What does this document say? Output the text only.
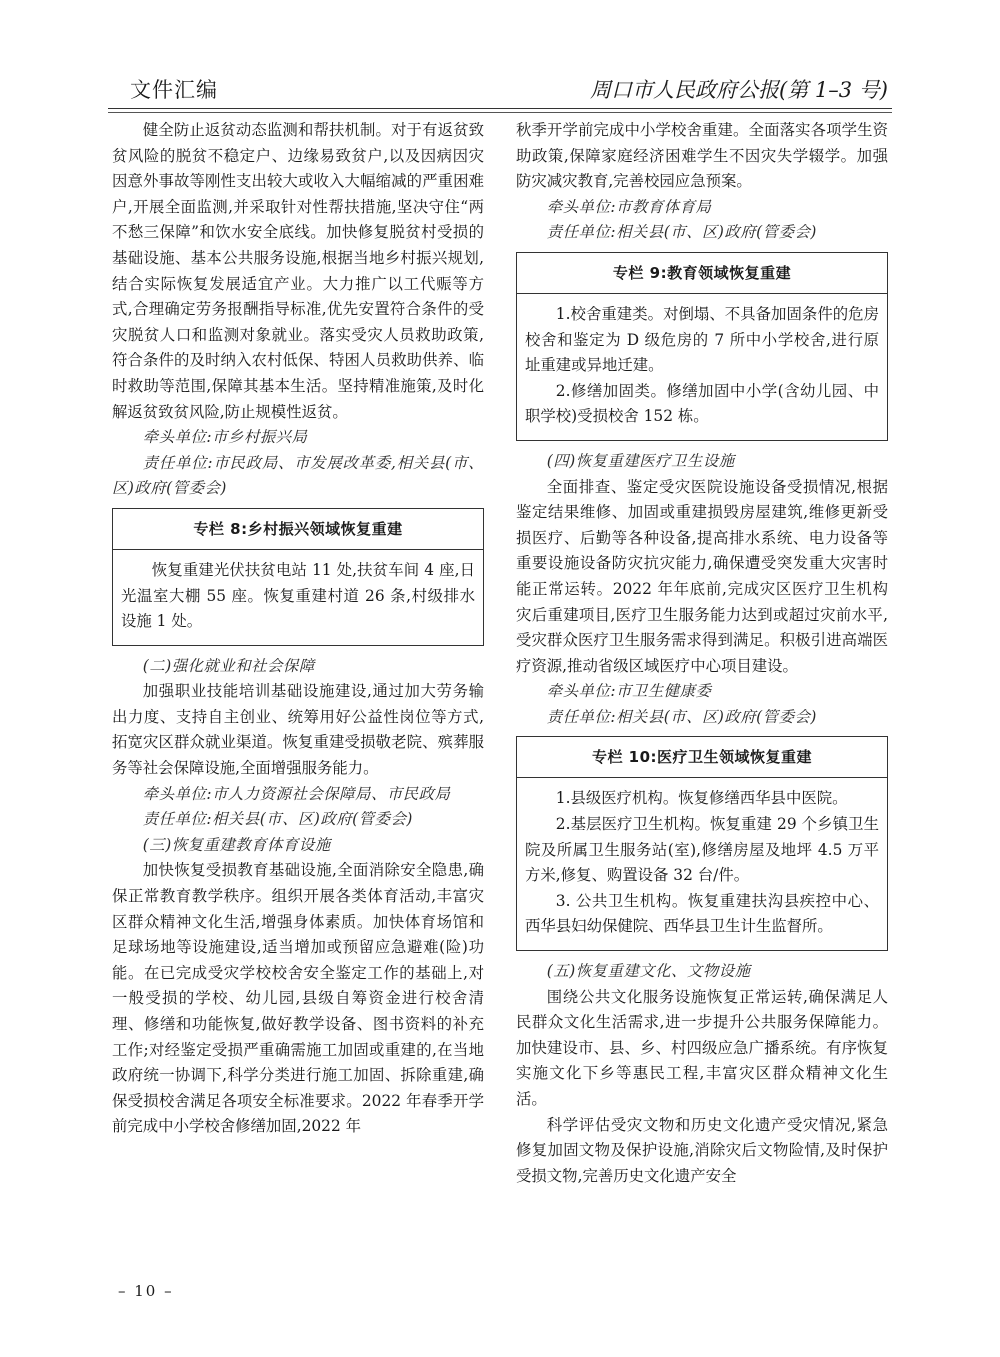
文件汇编	周口市人民政府公报(第 1–3 号)

健全防止返贫动态监测和帮扶机制。对于有返贫致贫风险的脱贫不稳定户、边缘易致贫户,以及因病因灾因意外事故等刚性支出较大或收入大幅缩减的严重困难户,开展全面监测,并采取针对性帮扶措施,坚决守住“两不愁三保障”和饮水安全底线。加快修复脱贫村受损的基础设施、基本公共服务设施,根据当地乡村振兴规划,结合实际恢复发展适宜产业。大力推广以工代赈等方式,合理确定劳务报酬指导标准,优先安置符合条件的受灾脱贫人口和监测对象就业。落实受灾人员救助政策,符合条件的及时纳入农村低保、特困人员救助供养、临时救助等范围,保障其基本生活。坚持精准施策,及时化解返贫致贫风险,防止规模性返贫。

牵头单位:市乡村振兴局

责任单位:市民政局、市发展改革委,相关县(市、区)政府(管委会)

专栏 8:乡村振兴领域恢复重建

恢复重建光伏扶贫电站 11 处,扶贫车间 4 座,日光温室大棚 55 座。恢复重建村道 26 条,村级排水设施 1 处。

(二)强化就业和社会保障

加强职业技能培训基础设施建设,通过加大劳务输出力度、支持自主创业、统筹用好公益性岗位等方式,拓宽灾区群众就业渠道。恢复重建受损敬老院、殡葬服务等社会保障设施,全面增强服务能力。

牵头单位:市人力资源社会保障局、市民政局

责任单位:相关县(市、区)政府(管委会)

(三)恢复重建教育体育设施

加快恢复受损教育基础设施,全面消除安全隐患,确保正常教育教学秩序。组织开展各类体育活动,丰富灾区群众精神文化生活,增强身体素质。加快体育场馆和足球场地等设施建设,适当增加或预留应急避难(险)功能。在已完成受灾学校校舍安全鉴定工作的基础上,对一般受损的学校、幼儿园,县级自筹资金进行校舍清理、修缮和功能恢复,做好教学设备、图书资料的补充工作;对经鉴定受损严重确需施工加固或重建的,在当地政府统一协调下,科学分类进行施工加固、拆除重建,确保受损校舍满足各项安全标准要求。2022 年春季开学前完成中小学校舍修缮加固,2022 年

秋季开学前完成中小学校舍重建。全面落实各项学生资助政策,保障家庭经济困难学生不因灾失学辍学。加强防灾减灾教育,完善校园应急预案。

牵头单位:市教育体育局

责任单位:相关县(市、区)政府(管委会)

专栏 9:教育领域恢复重建

1.校舍重建类。对倒塌、不具备加固条件的危房校舍和鉴定为 D 级危房的 7 所中小学校舍,进行原址重建或异地迁建。

2.修缮加固类。修缮加固中小学(含幼儿园、中职学校)受损校舍 152 栋。

(四)恢复重建医疗卫生设施

全面排查、鉴定受灾医院设施设备受损情况,根据鉴定结果维修、加固或重建损毁房屋建筑,维修更新受损医疗、后勤等各种设备,提高排水系统、电力设备等重要设施设备防灾抗灾能力,确保遭受突发重大灾害时能正常运转。2022 年年底前,完成灾区医疗卫生机构灾后重建项目,医疗卫生服务能力达到或超过灾前水平,受灾群众医疗卫生服务需求得到满足。积极引进高端医疗资源,推动省级区域医疗中心项目建设。

牵头单位:市卫生健康委

责任单位:相关县(市、区)政府(管委会)

专栏 10:医疗卫生领域恢复重建

1.县级医疗机构。恢复修缮西华县中医院。

2.基层医疗卫生机构。恢复重建 29 个乡镇卫生院及所属卫生服务站(室),修缮房屋及地坪 4.5 万平方米,修复、购置设备 32 台/件。

3. 公共卫生机构。恢复重建扶沟县疾控中心、西华县妇幼保健院、西华县卫生计生监督所。

(五)恢复重建文化、文物设施

围绕公共文化服务设施恢复正常运转,确保满足人民群众文化生活需求,进一步提升公共服务保障能力。加快建设市、县、乡、村四级应急广播系统。有序恢复实施文化下乡等惠民工程,丰富灾区群众精神文化生活。

科学评估受灾文物和历史文化遗产受灾情况,紧急修复加固文物及保护设施,消除灾后文物险情,及时保护受损文物,完善历史文化遗产安全

– 10 –
